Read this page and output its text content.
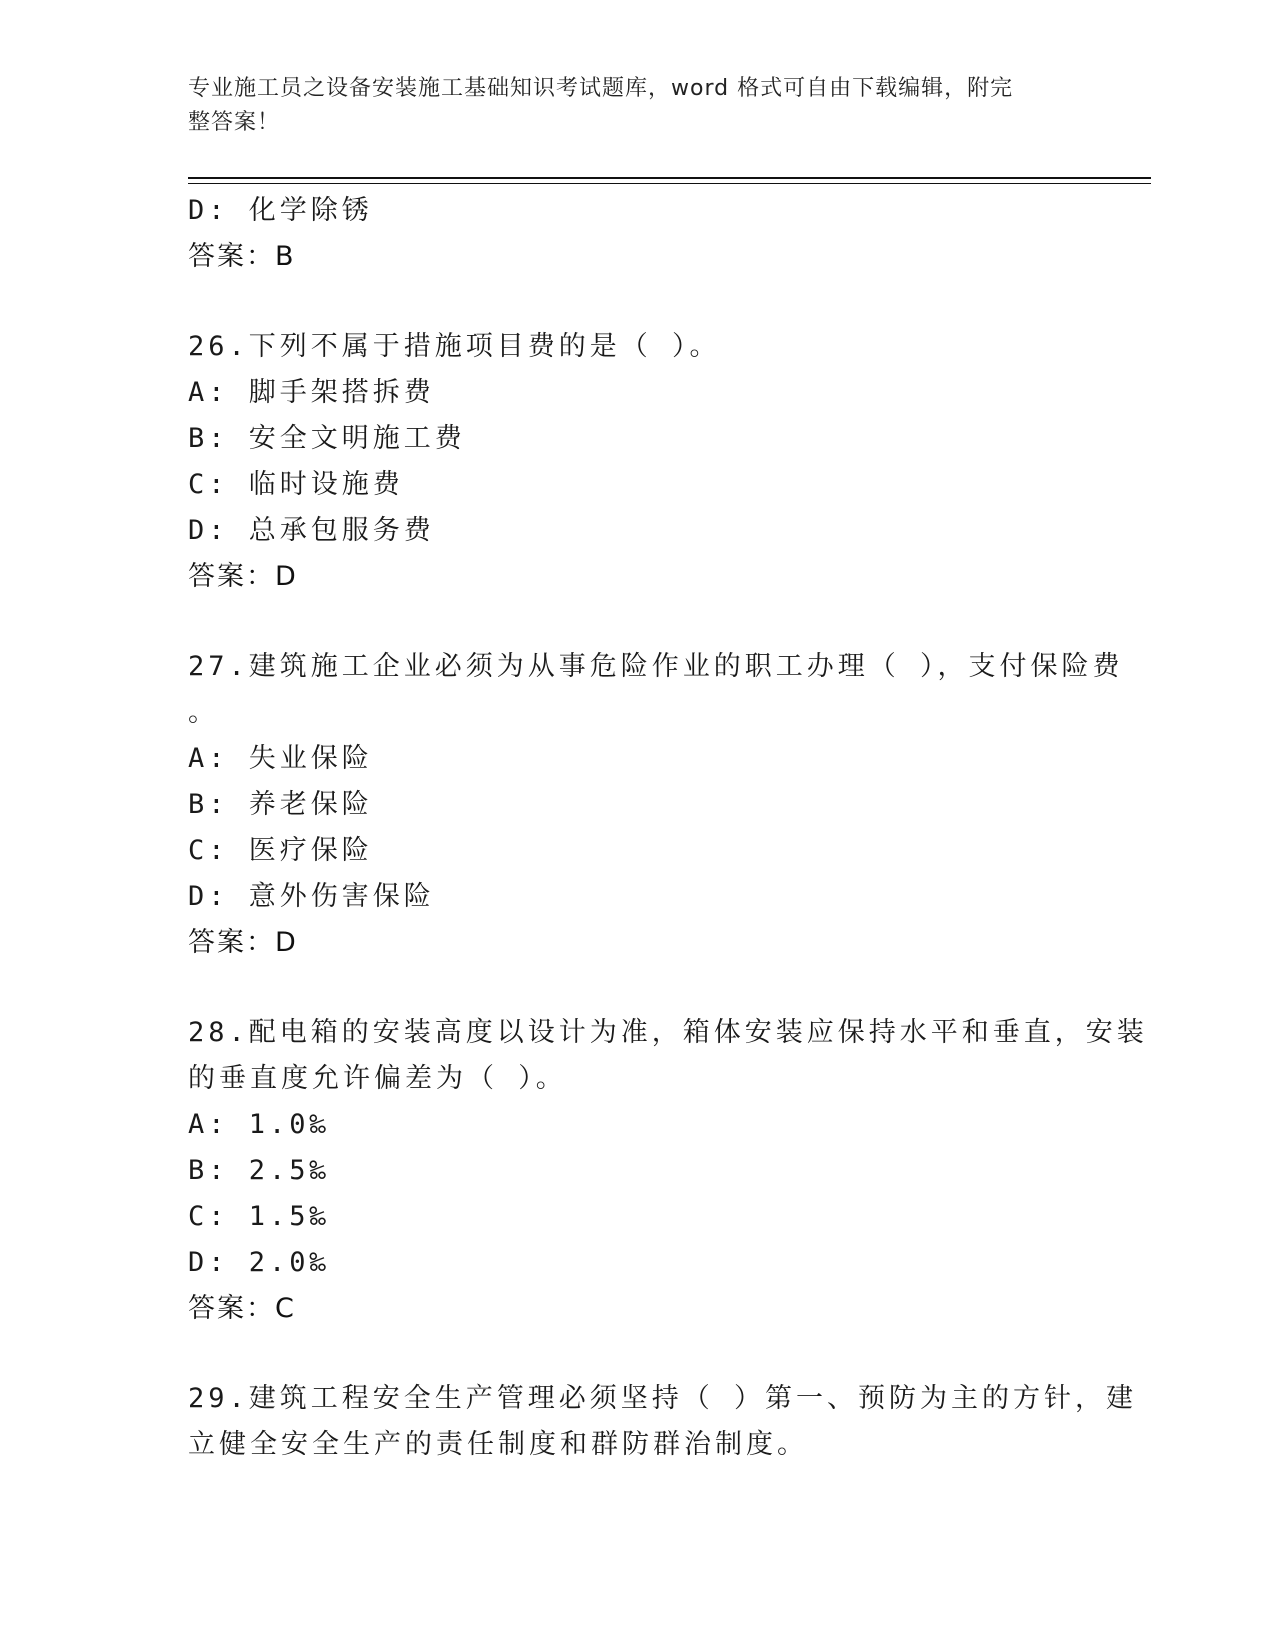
专业施工员之设备安装施工基础知识考试题库，word 格式可自由下载编辑，附完
整答案！
D: 化学除锈
答案：B
26.下列不属于措施项目费的是（ ）。
A: 脚手架搭拆费
B: 安全文明施工费
C: 临时设施费
D: 总承包服务费
答案：D
27.建筑施工企业必须为从事危险作业的职工办理（ ），支付保险费
。
A: 失业保险
B: 养老保险
C: 医疗保险
D: 意外伤害保险
答案：D
28.配电箱的安装高度以设计为准，箱体安装应保持水平和垂直，安装
的垂直度允许偏差为（ ）。
A: 1.0‰
B: 2.5‰
C: 1.5‰
D: 2.0‰
答案：C
29.建筑工程安全生产管理必须坚持（ ）第一、预防为主的方针，建
立健全安全生产的责任制度和群防群治制度。
